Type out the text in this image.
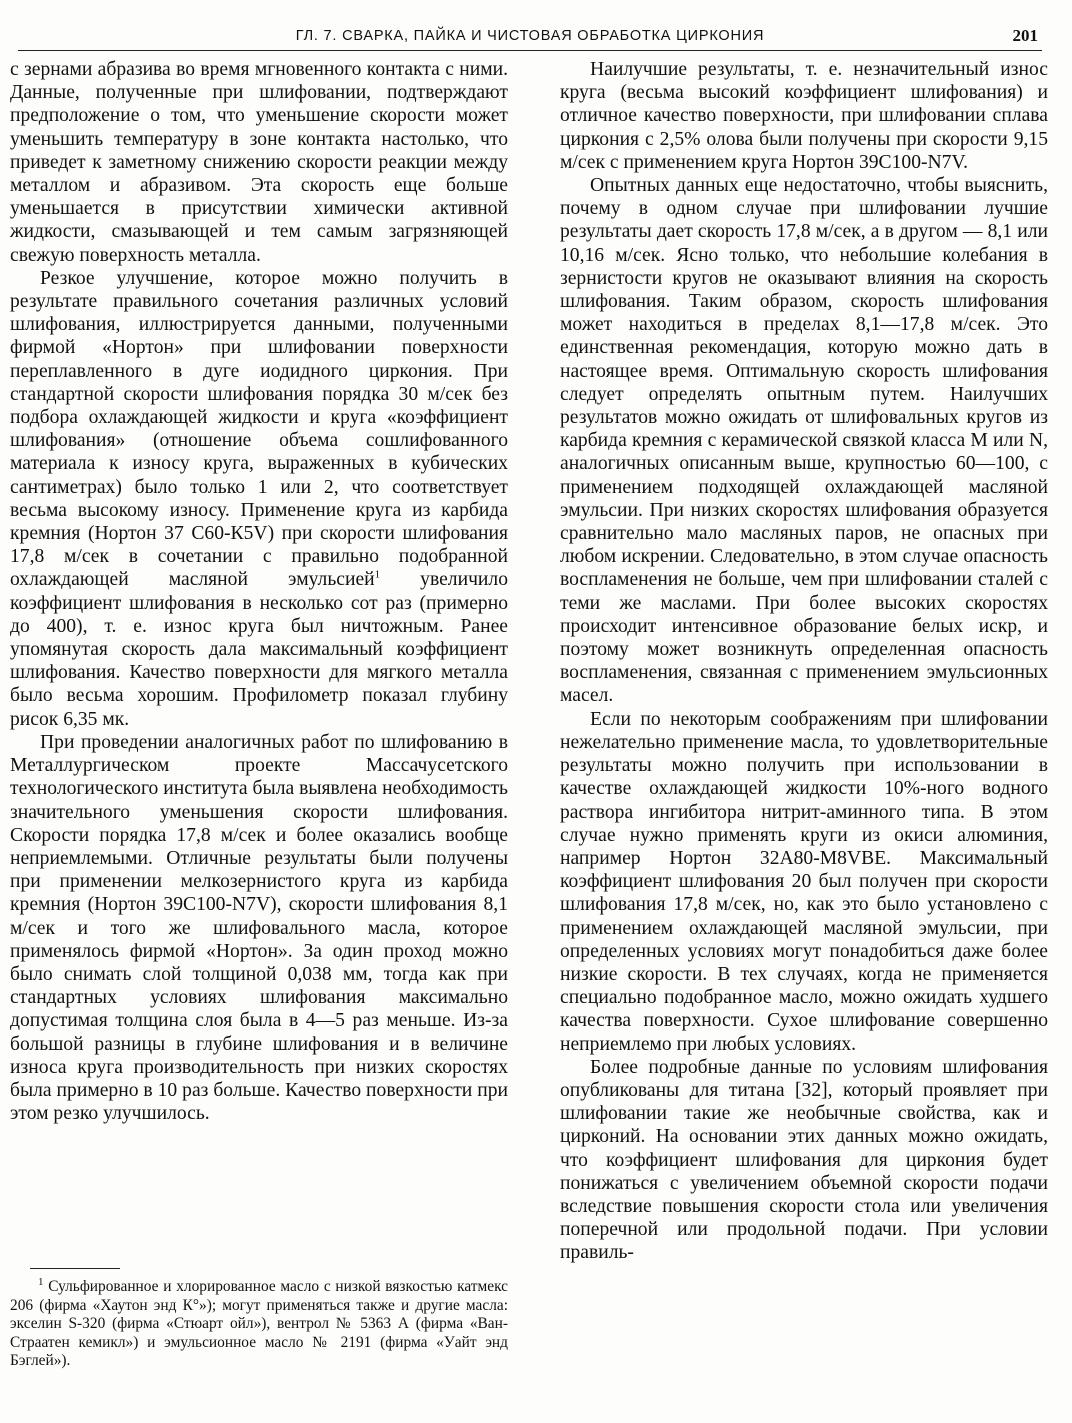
ГЛ. 7. СВАРКА, ПАЙКА И ЧИСТОВАЯ ОБРАБОТКА ЦИРКОНИЯ	201

с зернами абразива во время мгновенного контакта с ними. Данные, полученные при шлифовании, подтверждают предположение о том, что уменьшение скорости может уменьшить температуру в зоне контакта настолько, что приведет к заметному снижению скорости реакции между металлом и абразивом. Эта скорость еще больше уменьшается в присутствии химически активной жидкости, смазывающей и тем самым загрязняющей свежую поверхность металла.

Резкое улучшение, которое можно получить в результате правильного сочетания различных условий шлифования, иллюстрируется данными, полученными фирмой «Нортон» при шлифовании поверхности переплавленного в дуге иодидного циркония. При стандартной скорости шлифования порядка 30 м/сек без подбора охлаждающей жидкости и круга «коэффициент шлифования» (отношение объема сошлифованного материала к износу круга, выраженных в кубических сантиметрах) было только 1 или 2, что соответствует весьма высокому износу. Применение круга из карбида кремния (Нортон 37 С60-К5V) при скорости шлифования 17,8 м/сек в сочетании с правильно подобранной охлаждающей масляной эмульсией$^1$ увеличило коэффициент шлифования в несколько сот раз (примерно до 400), т. е. износ круга был ничтожным. Ранее упомянутая скорость дала максимальный коэффициент шлифования. Качество поверхности для мягкого металла было весьма хорошим. Профилометр показал глубину рисок 6,35 мк.

При проведении аналогичных работ по шлифованию в Металлургическом проекте Массачусетского технологического института была выявлена необходимость значительного уменьшения скорости шлифования. Скорости порядка 17,8 м/сек и более оказались вообще неприемлемыми. Отличные результаты были получены при применении мелкозернистого круга из карбида кремния (Нортон 39С100-N7V), скорости шлифования 8,1 м/сек и того же шлифовального масла, которое применялось фирмой «Нортон». За один проход можно было снимать слой толщиной 0,038 мм, тогда как при стандартных условиях шлифования максимально допустимая толщина слоя была в 4—5 раз меньше. Из-за большой разницы в глубине шлифования и в величине износа круга производительность при низких скоростях была примерно в 10 раз больше. Качество поверхности при этом резко улучшилось.

$^1$ Сульфированное и хлорированное масло с низкой вязкостью катмекс 206 (фирма «Хаутон энд К°»); могут применяться также и другие масла: экселин S-320 (фирма «Стюарт ойл»), вентрол № 5363 А (фирма «Ван-Страатен кемикл») и эмульсионное масло № 2191 (фирма «Уайт энд Бэглей»).

Наилучшие результаты, т. е. незначительный износ круга (весьма высокий коэффициент шлифования) и отличное качество поверхности, при шлифовании сплава циркония с 2,5% олова были получены при скорости 9,15 м/сек с применением круга Нортон 39С100-N7V.

Опытных данных еще недостаточно, чтобы выяснить, почему в одном случае при шлифовании лучшие результаты дает скорость 17,8 м/сек, а в другом — 8,1 или 10,16 м/сек. Ясно только, что небольшие колебания в зернистости кругов не оказывают влияния на скорость шлифования. Таким образом, скорость шлифования может находиться в пределах 8,1—17,8 м/сек. Это единственная рекомендация, которую можно дать в настоящее время. Оптимальную скорость шлифования следует определять опытным путем. Наилучших результатов можно ожидать от шлифовальных кругов из карбида кремния с керамической связкой класса М или N, аналогичных описанным выше, крупностью 60—100, с применением подходящей охлаждающей масляной эмульсии. При низких скоростях шлифования образуется сравнительно мало масляных паров, не опасных при любом искрении. Следовательно, в этом случае опасность воспламенения не больше, чем при шлифовании сталей с теми же маслами. При более высоких скоростях происходит интенсивное образование белых искр, и поэтому может возникнуть определенная опасность воспламенения, связанная с применением эмульсионных масел.

Если по некоторым соображениям при шлифовании нежелательно применение масла, то удовлетворительные результаты можно получить при использовании в качестве охлаждающей жидкости 10%-ного водного раствора ингибитора нитрит-аминного типа. В этом случае нужно применять круги из окиси алюминия, например Нортон 32А80-М8VВЕ. Максимальный коэффициент шлифования 20 был получен при скорости шлифования 17,8 м/сек, но, как это было установлено с применением охлаждающей масляной эмульсии, при определенных условиях могут понадобиться даже более низкие скорости. В тех случаях, когда не применяется специально подобранное масло, можно ожидать худшего качества поверхности. Сухое шлифование совершенно неприемлемо при любых условиях.

Более подробные данные по условиям шлифования опубликованы для титана [32], который проявляет при шлифовании такие же необычные свойства, как и цирконий. На основании этих данных можно ожидать, что коэффициент шлифования для циркония будет понижаться с увеличением объемной скорости подачи вследствие повышения скорости стола или увеличения поперечной или продольной подачи. При условии правиль-
